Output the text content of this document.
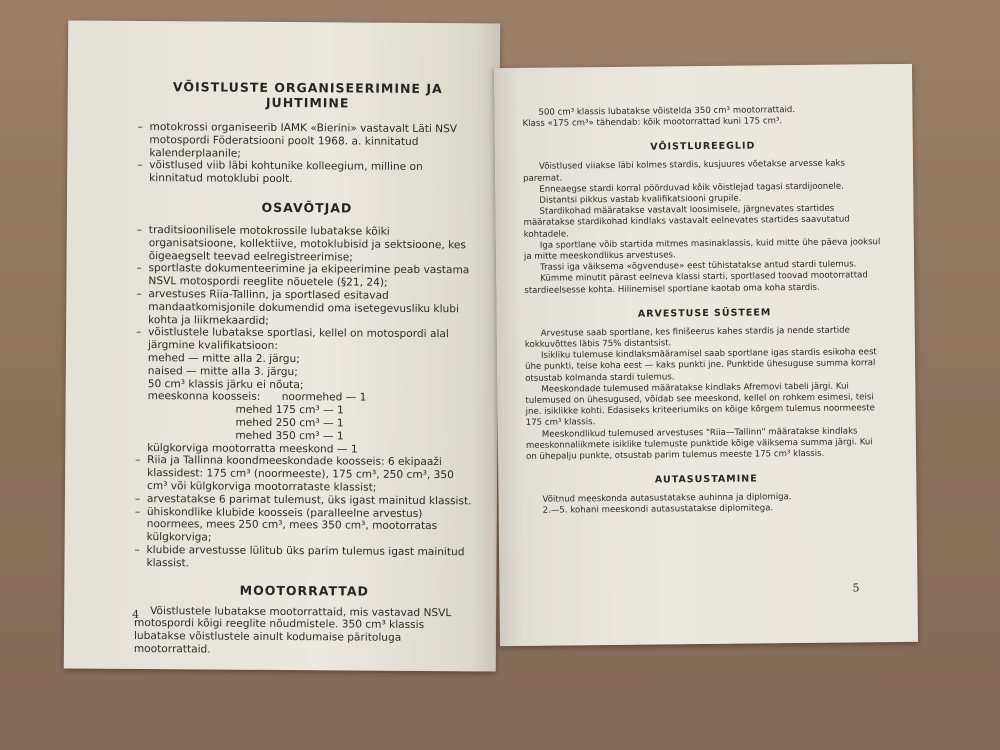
VÕISTLUSTE ORGANISEERIMINE JA JUHTIMINE
– motokrossi organiseerib IAMK «Bierini» vastavalt Läti NSV motospordi Föderatsiooni poolt 1968. a. kinnitatud kalenderplaanile;
– võistlused viib läbi kohtunike kolleegium, milline on kinnitatud motoklubi poolt.
OSAVÕTJAD
– traditsioonilisele motokrossile lubatakse kõiki organisatsioone, kollektiive, motoklubisid ja sektsioone, kes õigeaegselt teevad eelregistreerimise;
– sportlaste dokumenteerimine ja ekipeerimine peab vastama NSVL motospordi reeglite nõuetele (§21, 24);
– arvestuses Riia-Tallinn, ja sportlased esitavad mandaatkomisjonile dokumendid oma isetegevusliku klubi kohta ja liikmekaardid;
– võistlustele lubatakse sportlasi, kellel on motospordi alal järgmine kvalifikatsioon:
mehed — mitte alla 2. järgu;
naised — mitte alla 3. järgu;
50 cm³ klassis järku ei nõuta;
meeskonna koosseis: noormehed — 1
mehed 175 cm³ — 1
mehed 250 cm³ — 1
mehed 350 cm³ — 1
külgkorviga mootorratta meeskond — 1
– Riia ja Tallinna koondmeeskondade koosseis: 6 ekipaaži klassidest: 175 cm³ (noormeeste), 175 cm³, 250 cm³, 350 cm³ või külgkorviga mootorrataste klassist;
– arvestatakse 6 parimat tulemust, üks igast mainitud klassist.
– ühiskondlike klubide koosseis (paralleelne arvestus) noormees, mees 250 cm³, mees 350 cm³, mootorratas külgkorviga;
– klubide arvestusse lülitub üks parim tulemus igast mainitud klassist.
MOOTORRATTAD

Võistlustele lubatakse mootorrattaid, mis vastavad NSVL motospordi kõigi reeglite nõudmistele. 350 cm³ klassis lubatakse võistlustele ainult kodumaise päritoluga mootorrattaid.

4

500 cm³ klassis lubatakse võistelda 350 cm³ mootorrattaid.

Klass «175 cm³» tähendab: kõik mootorrattad kuni 175 cm³.

VÕISTLUREEGLID

Võistlused viiakse läbi kolmes stardis, kusjuures võetakse arvesse kaks paremat.

Enneaegse stardi korral pöörduvad kõik võistlejad tagasi stardijoonele.

Distantsi pikkus vastab kvalifikatsiooni grupile.

Stardikohad määratakse vastavalt loosimisele, järgnevates startides määratakse stardikohad kindlaks vastavalt eelnevates startides saavutatud kohtadele.

Iga sportlane võib startida mitmes masinaklassis, kuid mitte ühe päeva jooksul ja mitte meeskondlikus arvestuses.

Trassi iga väiksema «õgvenduse» eest tühistatakse antud stardi tulemus.

Kümme minutit pärast eelneva klassi starti, sportlased toovad mootorrattad stardieelsesse kohta. Hilinemisel sportlane kaotab oma koha stardis.

ARVESTUSE SÜSTEEM

Arvestuse saab sportlane, kes finišeerus kahes stardis ja nende startide kokkuvõttes läbis 75% distantsist.

Isikliku tulemuse kindlaksmääramisel saab sportlane igas stardis esikoha eest ühe punkti, teise koha eest — kaks punkti jne. Punktide ühesuguse summa korral otsustab kolmanda stardi tulemus.

Meeskondade tulemused määratakse kindlaks Afremovi tabeli järgi. Kui tulemused on ühesugused, võidab see meeskond, kellel on rohkem esimesi, teisi jne. isiklikke kohti. Edasiseks kriteeriumiks on kõige kõrgem tulemus noormeeste 175 cm³ klassis.

Meeskondlikud tulemused arvestuses "Riia—Tallinn" määratakse kindlaks meeskonnaliikmete isiklike tulemuste punktide kõige väiksema summa järgi. Kui on ühepalju punkte, otsustab parim tulemus meeste 175 cm³ klassis.

AUTASUSTAMINE

Võitnud meeskonda autasustatakse auhinna ja diplomiga.

2.—5. kohani meeskondi autasustatakse diplomitega.

5
